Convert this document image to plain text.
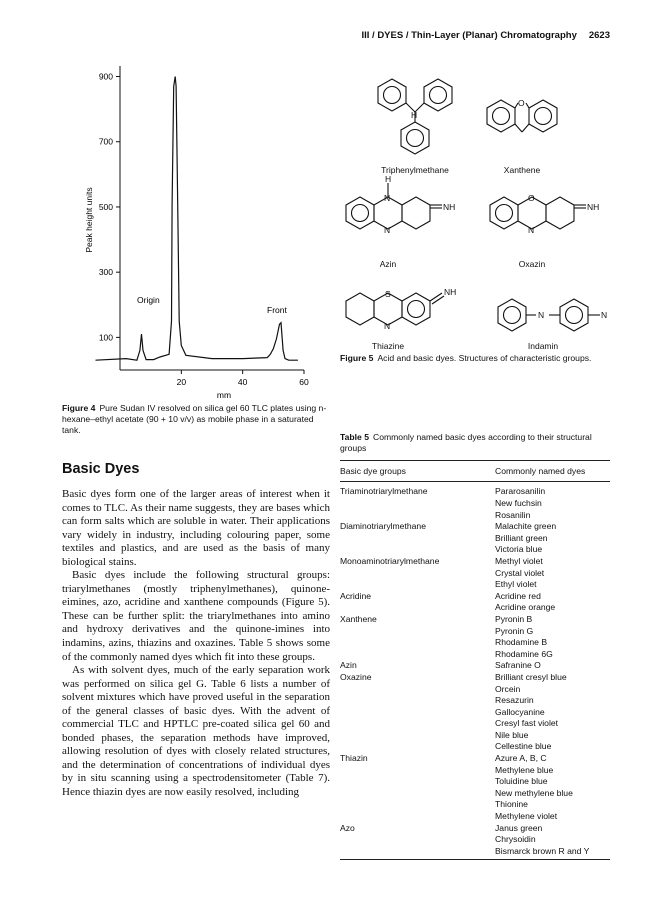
III / DYES / Thin-Layer (Planar) Chromatography 2623
900
700
500
300
100
20	40	60
Peak height units
mm
Origin
Front
Figure 4 Pure Sudan IV resolved on silica gel 60 TLC plates using n-hexane–ethyl acetate (90 + 10 v/v) as mobile phase in a saturated tank.
H
O
H
N
N
NH
O
N
NH
S
N
NH
N	N
Triphenylmethane	Xanthene
Azin	Oxazin
Thiazine	Indamin
Figure 5 Acid and basic dyes. Structures of characteristic groups.
Basic Dyes

Basic dyes form one of the larger areas of interest when it comes to TLC. As their name suggests, they are bases which can form salts which are soluble in water. Their applications vary widely in industry, including colouring paper, some textiles and plastics, and are used as the basis of many biological stains.

Basic dyes include the following structural groups: triarylmethanes (mostly triphenylmethanes), quinone-eimines, azo, acridine and xanthene compounds (Figure 5). These can be further split: the triarylmethanes into amino and hydroxy derivatives and the quinone-imines into indamins, azins, thiazins and oxazines. Table 5 shows some of the commonly named dyes which fit into these groups.

As with solvent dyes, much of the early separation work was performed on silica gel G. Table 6 lists a number of solvent mixtures which have proved useful in the separation of the general classes of basic dyes. With the advent of commercial TLC and HPTLC pre-coated silica gel 60 and bonded phases, the separation methods have improved, allowing resolution of dyes with closely related structures, and the determination of concentrations of individual dyes by in situ scanning using a spectrodensitometer (Table 7). Hence thiazin dyes are now easily resolved, including

Table 5 Commonly named basic dyes according to their structural groups
Basic dye groups	Commonly named dyes
Triaminotriarylmethane	Pararosanilin
New fuchsin
Rosanilin
Diaminotriarylmethane	Malachite green
Brilliant green
Victoria blue
Monoaminotriarylmethane	Methyl violet
Crystal violet
Ethyl violet
Acridine	Acridine red
Acridine orange
Xanthene	Pyronin B
Pyronin G
Rhodamine B
Rhodamine 6G
Azin	Safranine O
Oxazine	Brilliant cresyl blue
Orcein
Resazurin
Gallocyanine
Cresyl fast violet
Nile blue
Cellestine blue
Thiazin	Azure A, B, C
Methylene blue
Toluidine blue
New methylene blue
Thionine
Methylene violet
Azo	Janus green
Chrysoidin
Bismarck brown R and Y
